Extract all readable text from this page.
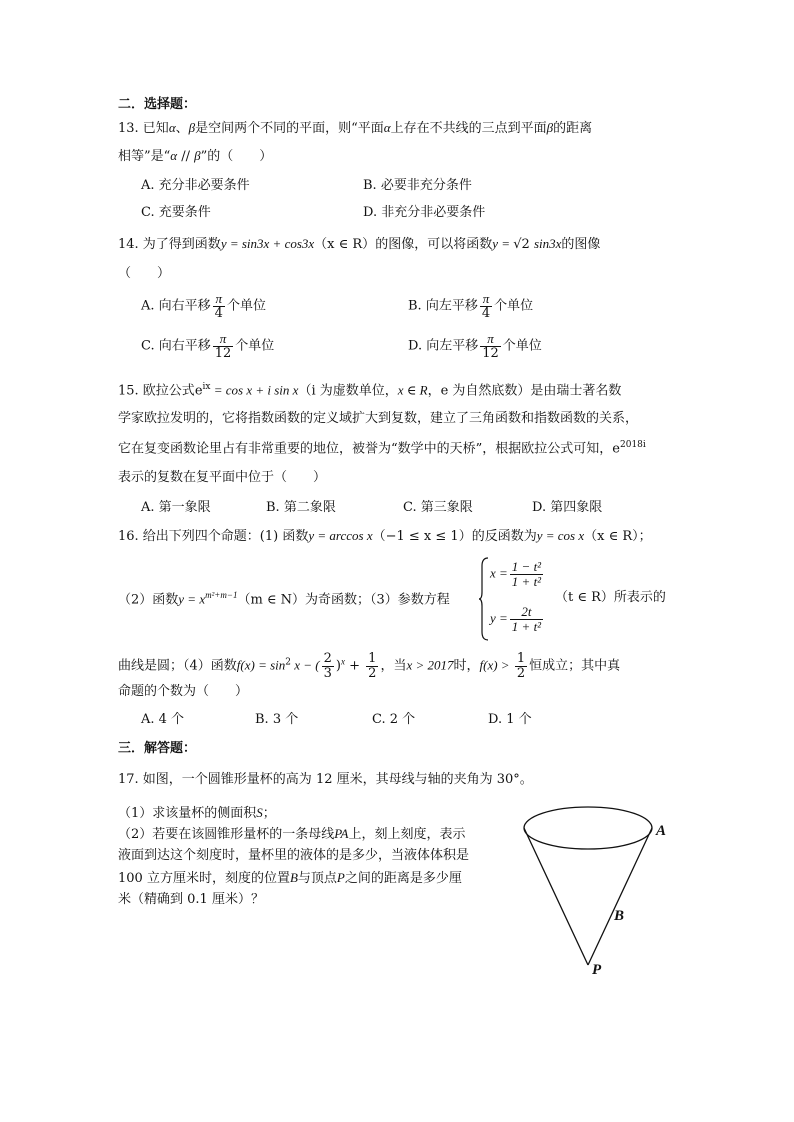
二．选择题：
13. 已知α、β是空间两个不同的平面，则“平面α上存在不共线的三点到平面β的距离
相等”是“α // β”的（　　）
A. 充分非必要条件	B. 必要非充分条件
C. 充要条件	D. 非充分非必要条件
14. 为了得到函数y = sin3x + cos3x（x ∈ R）的图像，可以将函数y = √2 sin3x的图像
（　　）
A. 向右平移 $\frac{\pi}{4}$ 个单位	B. 向左平移 $\frac{\pi}{4}$ 个单位
C. 向右平移 $\frac{\pi}{12}$ 个单位	D. 向左平移 $\frac{\pi}{12}$ 个单位
15. 欧拉公式$e^{ix} = \cos x + i$ sin x（i 为虚数单位，x ∈ R，e 为自然底数）是由瑞士著名数
学家欧拉发明的，它将指数函数的定义域扩大到复数，建立了三角函数和指数函数的关系，
它在复变函数论里占有非常重要的地位，被誉为“数学中的天桥”，根据欧拉公式可知，$e^{2018i}$
表示的复数在复平面中位于（　　）
A. 第一象限	B. 第二象限	C. 第三象限	D. 第四象限
16. 给出下列四个命题：(1) 函数y = arccos x（−1 ≤ x ≤ 1）的反函数为y = cos x（x ∈ R）；
（2）函数$y = x^{m^2+m-1}(m$ ∈ N）为奇函数；（3）参数方程
$x = \frac{\text{1 − t²}}{\text{1 + t²}}$
$y = \frac{2t}{\text{1 + t²}}$
（t ∈ R）所表示的
曲线是圆；（4）函数$f(x) = \sin^2 x$ − ( $\frac{2}{3} )^x + \frac{1}{2}$ ，当x > 2017时，$f(x) > \frac{1}{2}$ 恒成立；其中真
命题的个数为（　　）
A. 4 个	B. 3 个	C. 2 个	D. 1 个
三．解答题：
17. 如图，一个圆锥形量杯的高为 12 厘米，其母线与轴的夹角为 30°。
（1）求该量杯的侧面积S；
（2）若要在该圆锥形量杯的一条母线PA上，刻上刻度，表示
液面到达这个刻度时，量杯里的液体的是多少，当液体体积是
100 立方厘米时，刻度的位置B与顶点P之间的距离是多少厘
米（精确到 0.1 厘米）？
A
B
P
